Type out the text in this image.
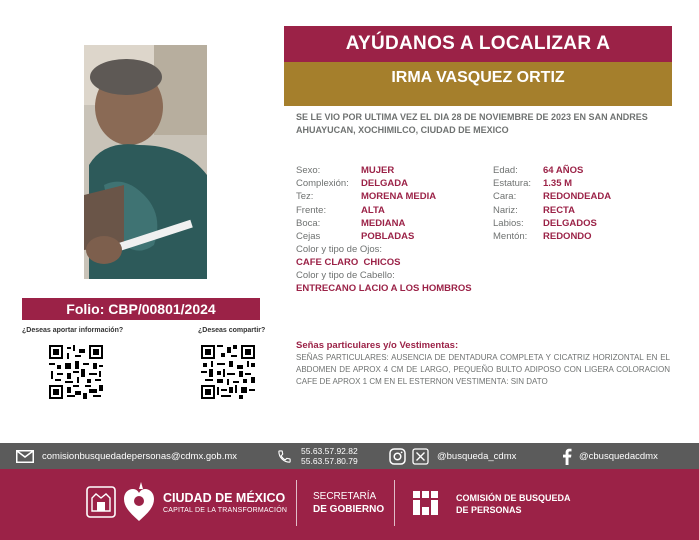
Folio: CBP/00801/2024
¿Deseas aportar información?	¿Deseas compartir?
AYÚDANOS A LOCALIZAR A
IRMA VASQUEZ ORTIZ
SE LE VIO POR ULTIMA VEZ EL DIA 28 DE NOVIEMBRE DE 2023 EN SAN ANDRES AHUAYUCAN, XOCHIMILCO, CIUDAD DE MEXICO
Sexo:	MUJER
Complexión: DELGADA
Tez:	MORENA MEDIA
Frente:	ALTA
Boca:	MEDIANA
Cejas	POBLADAS
Edad:	64 AÑOS
Estatura: 1.35 M
Cara:	REDONDEADA
Nariz:	RECTA
Labios: DELGADOS
Mentón: REDONDO
Color y tipo de Ojos:
CAFE CLARO  CHICOS
Color y tipo de Cabello:
ENTRECANO LACIO A LOS HOMBROS
Señas particulares y/o Vestimentas:
SEÑAS PARTICULARES: AUSENCIA DE DENTADURA COMPLETA Y CICATRIZ HORIZONTAL EN EL ABDOMEN DE APROX 4 CM DE LARGO, PEQUEÑO BULTO ADIPOSO CON LIGERA COLORACION CAFE DE APROX 1 CM EN EL ESTERNON VESTIMENTA: SIN DATO
comisionbusquedadepersonas@cdmx.gob.mx	55.63.57.92.82
55.63.57.80.79	@busqueda_cdmx	@cbusquedacdmx
CIUDAD DE MÉXICO
CAPITAL DE LA TRANSFORMACIÓN
SECRETARÍA
DE GOBIERNO
COMISIÓN DE BUSQUEDA
DE PERSONAS
